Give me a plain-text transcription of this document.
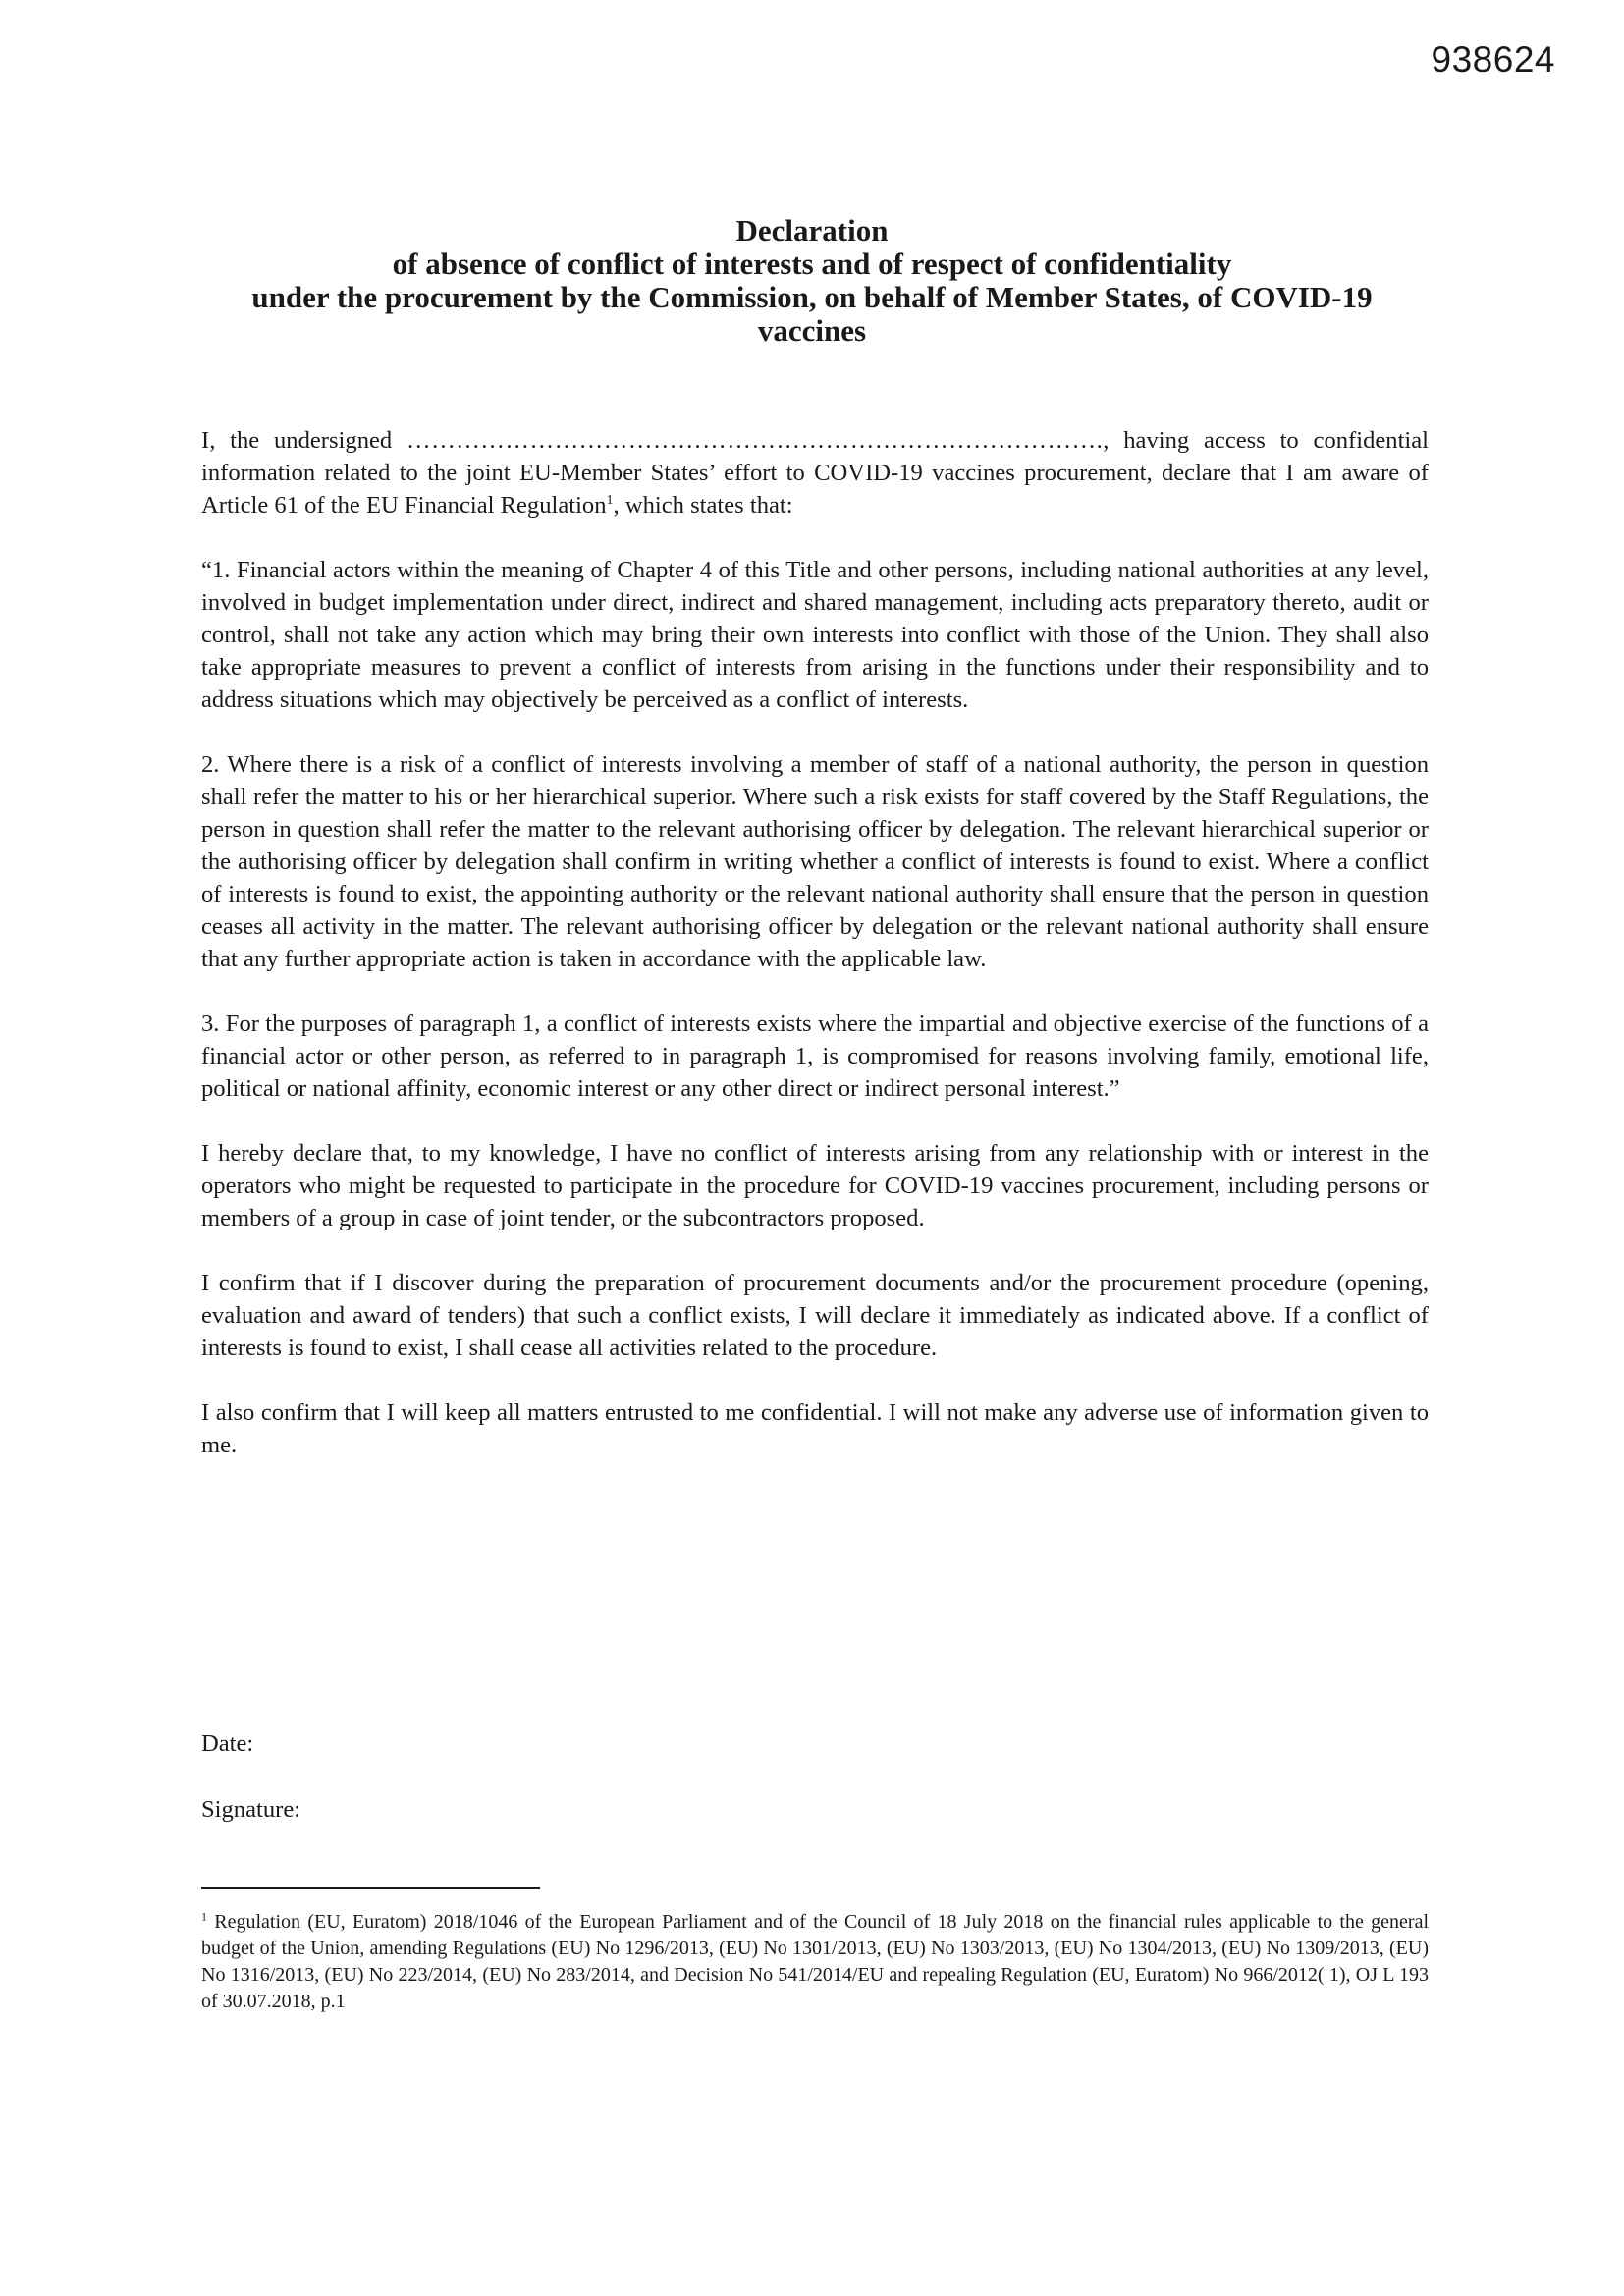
938624
Declaration
of absence of conflict of interests and of respect of confidentiality
under the procurement by the Commission, on behalf of Member States, of COVID-19
vaccines

I, the undersigned …………………………………………………………………………., having access to confidential information related to the joint EU-Member States’ effort to COVID-19 vaccines procurement, declare that I am aware of Article 61 of the EU Financial Regulation$^1$, which states that:

“1. Financial actors within the meaning of Chapter 4 of this Title and other persons, including national authorities at any level, involved in budget implementation under direct, indirect and shared management, including acts preparatory thereto, audit or control, shall not take any action which may bring their own interests into conflict with those of the Union. They shall also take appropriate measures to prevent a conflict of interests from arising in the functions under their responsibility and to address situations which may objectively be perceived as a conflict of interests.

2. Where there is a risk of a conflict of interests involving a member of staff of a national authority, the person in question shall refer the matter to his or her hierarchical superior. Where such a risk exists for staff covered by the Staff Regulations, the person in question shall refer the matter to the relevant authorising officer by delegation. The relevant hierarchical superior or the authorising officer by delegation shall confirm in writing whether a conflict of interests is found to exist. Where a conflict of interests is found to exist, the appointing authority or the relevant national authority shall ensure that the person in question ceases all activity in the matter. The relevant authorising officer by delegation or the relevant national authority shall ensure that any further appropriate action is taken in accordance with the applicable law.

3. For the purposes of paragraph 1, a conflict of interests exists where the impartial and objective exercise of the functions of a financial actor or other person, as referred to in paragraph 1, is compromised for reasons involving family, emotional life, political or national affinity, economic interest or any other direct or indirect personal interest.”

I hereby declare that, to my knowledge, I have no conflict of interests arising from any relationship with or interest in the operators who might be requested to participate in the procedure for COVID-19 vaccines procurement, including persons or members of a group in case of joint tender, or the subcontractors proposed.

I confirm that if I discover during the preparation of procurement documents and/or the procurement procedure (opening, evaluation and award of tenders) that such a conflict exists, I will declare it immediately as indicated above. If a conflict of interests is found to exist, I shall cease all activities related to the procedure.

I also confirm that I will keep all matters entrusted to me confidential. I will not make any adverse use of information given to me.

Date:
Signature:
$^1$ Regulation (EU, Euratom) 2018/1046 of the European Parliament and of the Council of 18 July 2018 on the financial rules applicable to the general budget of the Union, amending Regulations (EU) No 1296/2013, (EU) No 1301/2013, (EU) No 1303/2013, (EU) No 1304/2013, (EU) No 1309/2013, (EU) No 1316/2013, (EU) No 223/2014, (EU) No 283/2014, and Decision No 541/2014/EU and repealing Regulation (EU, Euratom) No 966/2012( 1), OJ L 193 of 30.07.2018, p.1
